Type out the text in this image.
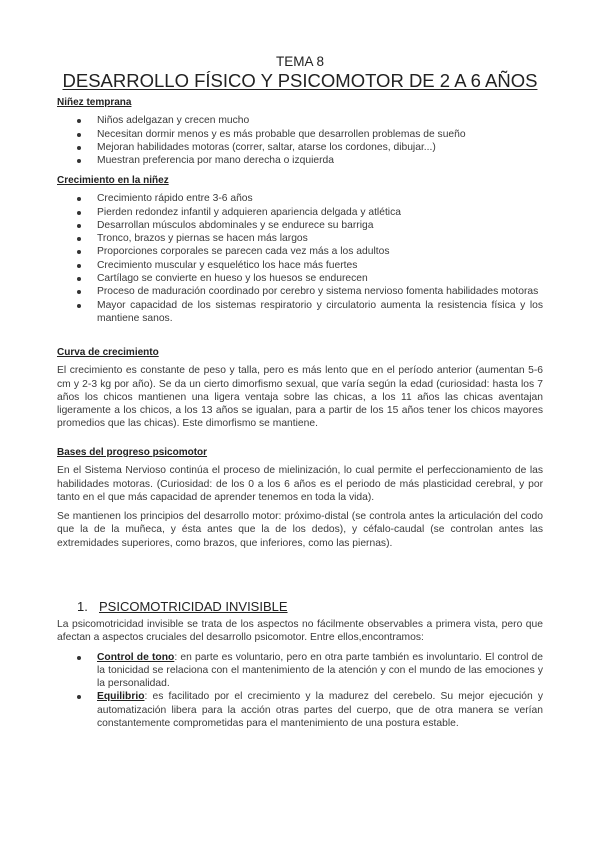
TEMA 8
DESARROLLO FÍSICO Y PSICOMOTOR DE 2 A 6 AÑOS
Niñez temprana
Niños adelgazan y crecen mucho
Necesitan dormir menos y es más probable que desarrollen problemas de sueño
Mejoran habilidades motoras (correr, saltar, atarse los cordones, dibujar...)
Muestran preferencia por mano derecha o izquierda
Crecimiento en la niñez
Crecimiento rápido entre 3-6 años
Pierden redondez infantil y adquieren apariencia delgada y atlética
Desarrollan músculos abdominales y se endurece su barriga
Tronco, brazos y piernas se hacen más largos
Proporciones corporales se parecen cada vez más a los adultos
Crecimiento muscular y esquelético los hace más fuertes
Cartílago se convierte en hueso y los huesos se endurecen
Proceso de maduración coordinado por cerebro y sistema nervioso fomenta habilidades motoras
Mayor capacidad de los sistemas respiratorio y circulatorio aumenta la resistencia física y los mantiene sanos.
Curva de crecimiento

El crecimiento es constante de peso y talla, pero es más lento que en el período anterior (aumentan 5-6 cm y 2-3 kg por año). Se da un cierto dimorfismo sexual, que varía según la edad (curiosidad: hasta los 7 años los chicos mantienen una ligera ventaja sobre las chicas, a los 11 años las chicas aventajan ligeramente a los chicos, a los 13 años se igualan, para a partir de los 15 años tener los chicos mayores promedios que las chicas). Este dimorfismo se mantiene.

Bases del progreso psicomotor

En el Sistema Nervioso continúa el proceso de mielinización, lo cual permite el perfeccionamiento de las habilidades motoras. (Curiosidad: de los 0 a los 6 años es el periodo de más plasticidad cerebral, y por tanto en el que más capacidad de aprender tenemos en toda la vida).

Se mantienen los principios del desarrollo motor: próximo-distal (se controla antes la articulación del codo que la de la muñeca, y ésta antes que la de los dedos), y céfalo-caudal (se controlan antes las extremidades superiores, como brazos, que inferiores, como las piernas).

1. PSICOMOTRICIDAD INVISIBLE

La psicomotricidad invisible se trata de los aspectos no fácilmente observables a primera vista, pero que afectan a aspectos cruciales del desarrollo psicomotor. Entre ellos,encontramos:

Control de tono: en parte es voluntario, pero en otra parte también es involuntario. El control de la tonicidad se relaciona con el mantenimiento de la atención y con el mundo de las emociones y la personalidad.
Equilibrio: es facilitado por el crecimiento y la madurez del cerebelo. Su mejor ejecución y automatización libera para la acción otras partes del cuerpo, que de otra manera se verían constantemente comprometidas para el mantenimiento de una postura estable.
